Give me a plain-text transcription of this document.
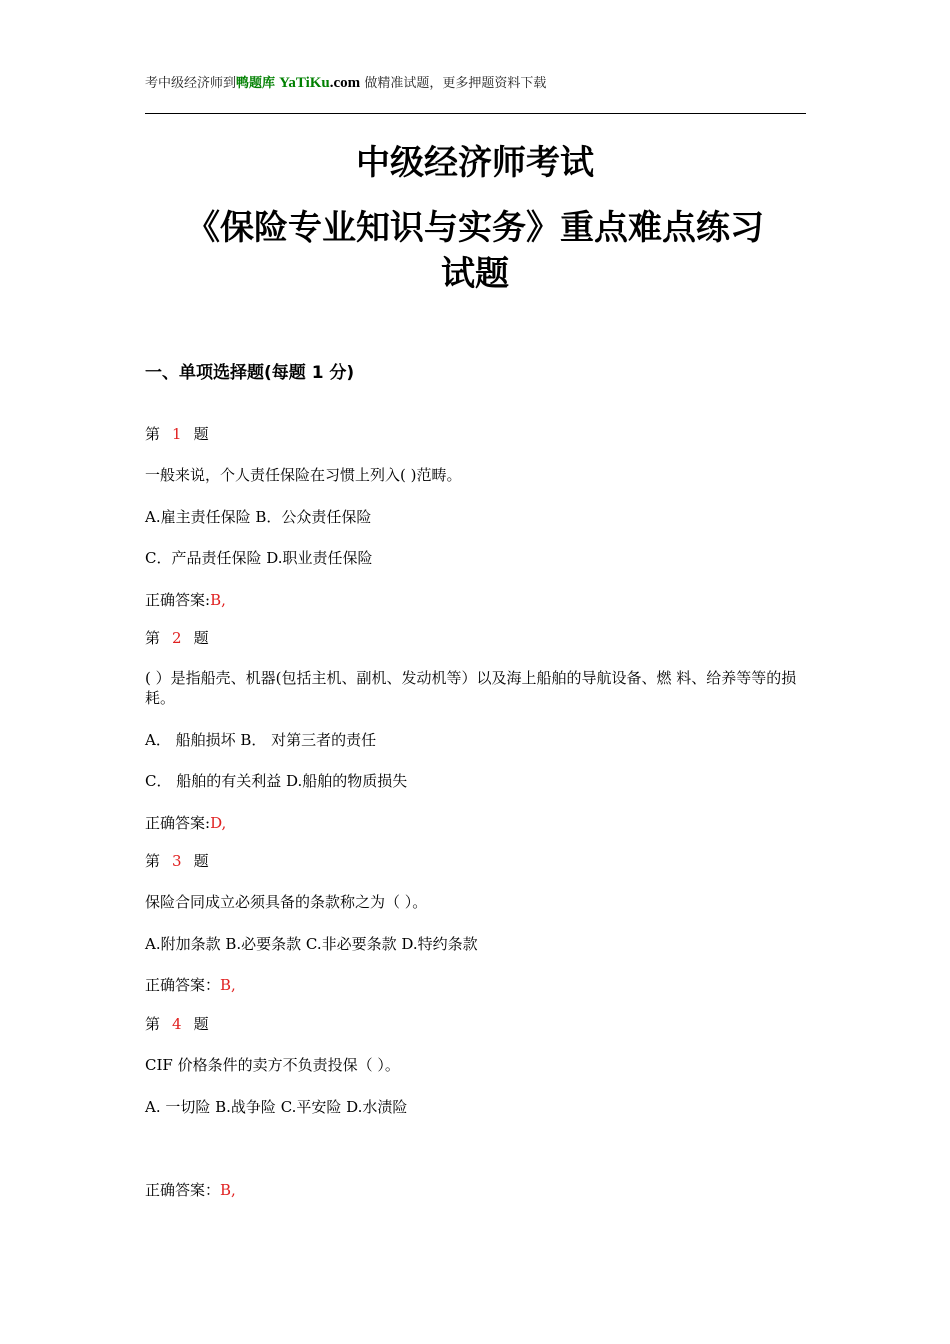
考中级经济师到鸭题库 YaTiKu.com 做精准试题，更多押题资料下载
中级经济师考试
《保险专业知识与实务》重点难点练习
试题
一、单项选择题(每题 1 分)
第 1 题
一般来说，个人责任保险在习惯上列入( )范畴。
A.雇主责任保险 B．公众责任保险
C．产品责任保险 D.职业责任保险
正确答案:B,
第 2 题
( ）是指船壳、机器(包括主机、副机、发动机等）以及海上船舶的导航设备、燃 料、给养等等的损耗。
A． 船舶损坏 B． 对第三者的责任
C． 船舶的有关利益 D.船舶的物质损失
正确答案:D,
第 3 题
保险合同成立必须具备的条款称之为（ ）。
A.附加条款 B.必要条款 C.非必要条款 D.特约条款
正确答案：B,
第 4 题
CIF 价格条件的卖方不负责投保（ ）。
A. 一切险 B.战争险 C.平安险 D.水渍险
正确答案：B,
